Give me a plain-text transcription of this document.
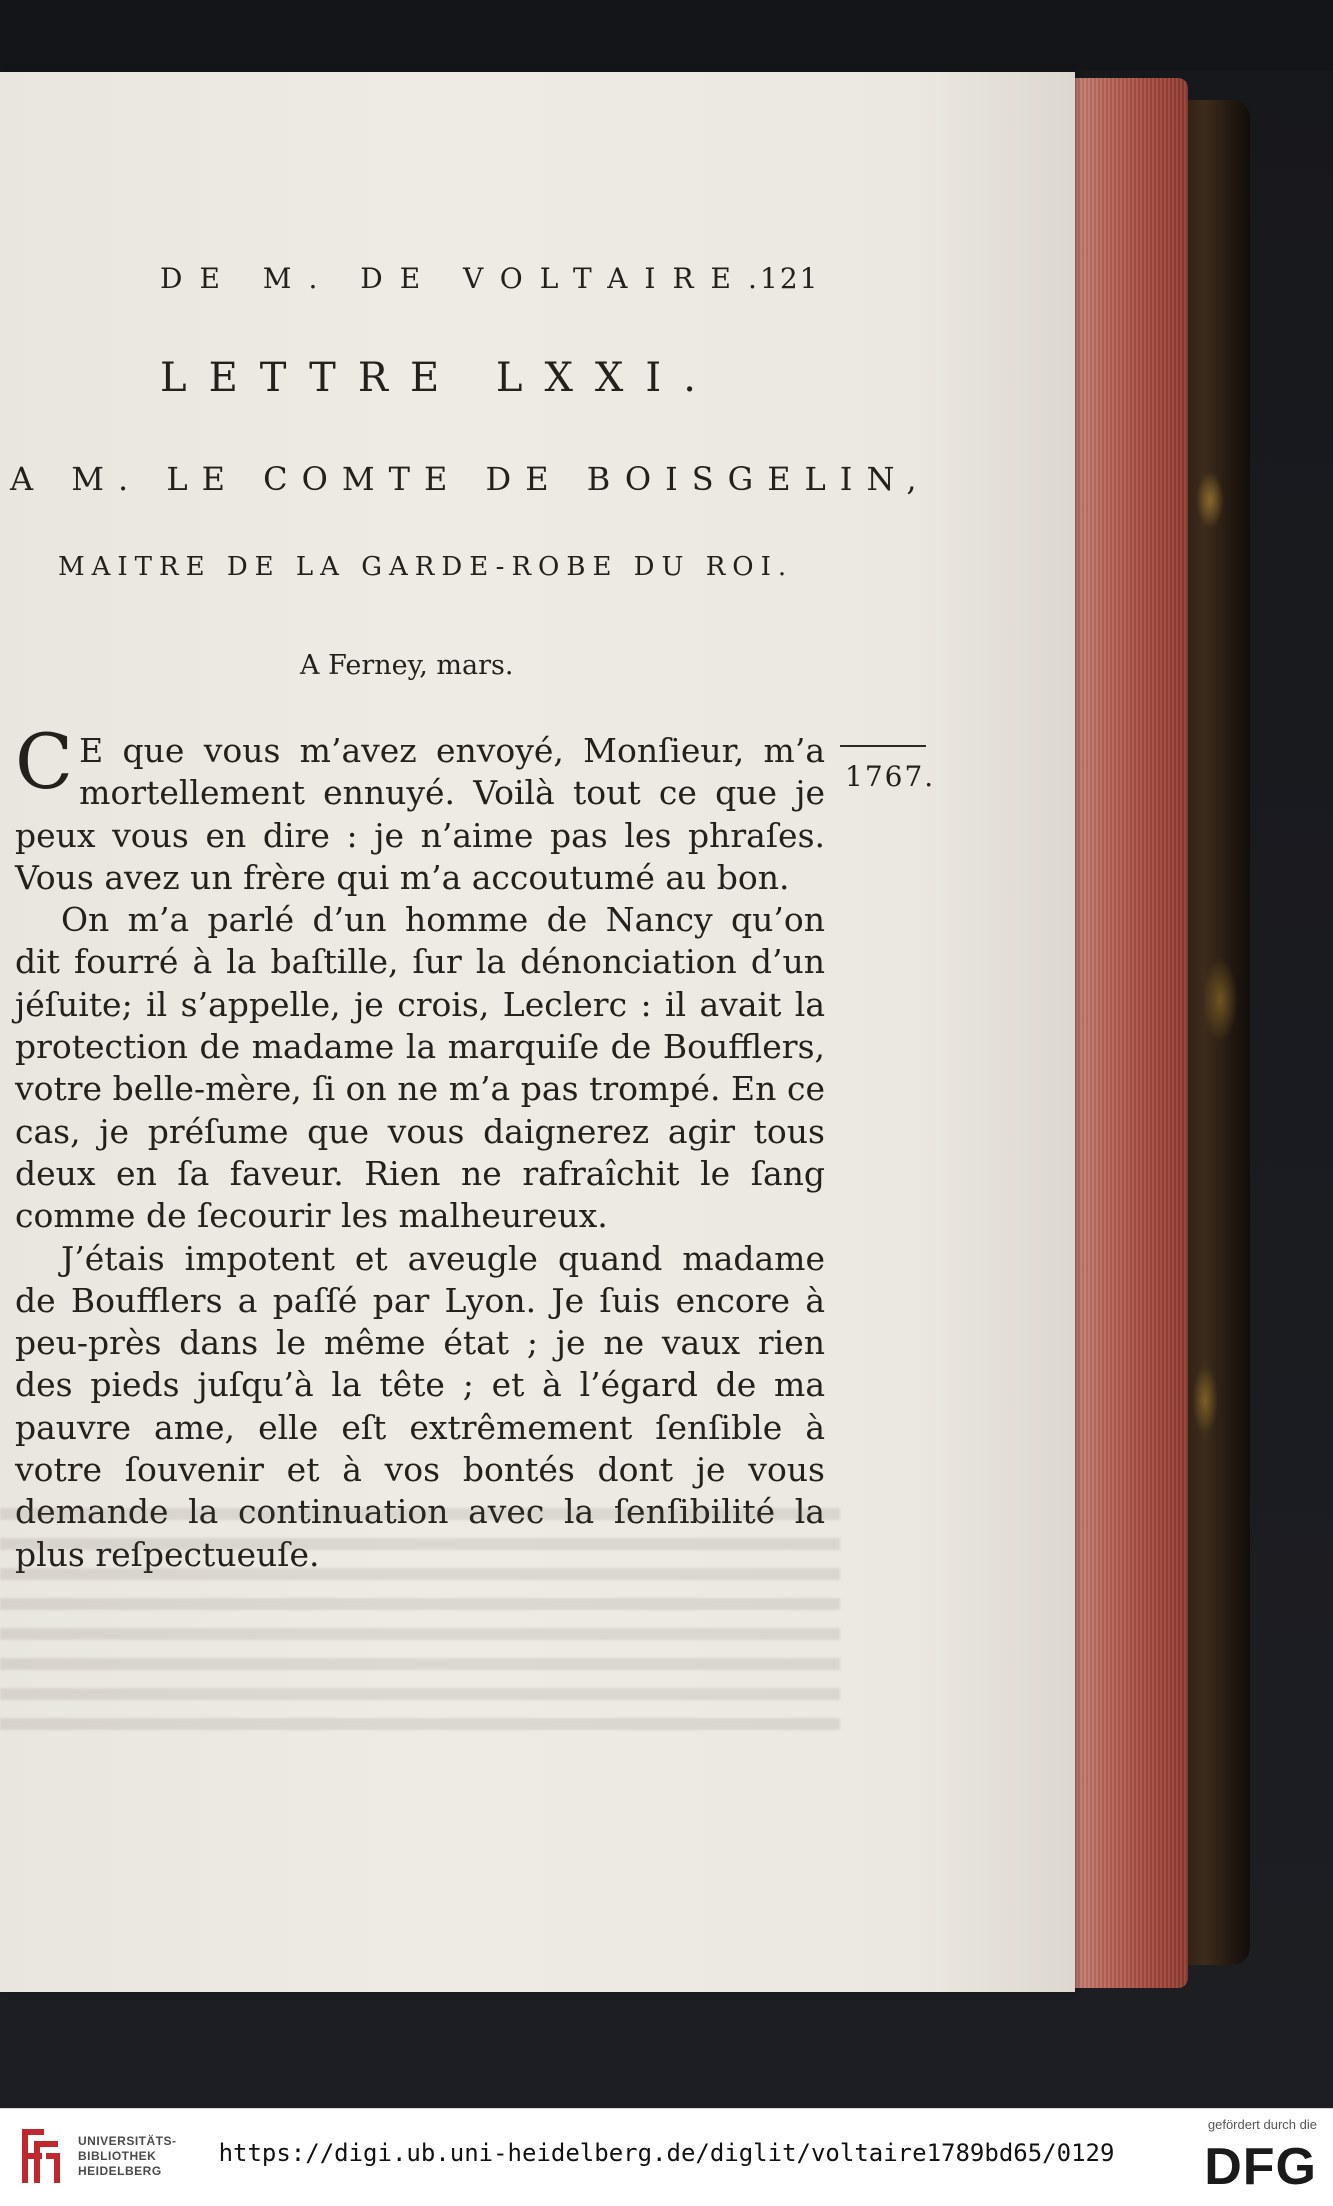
DE M. DE VOLTAIRE.
121
LETTRE LXXI.
A M. LE COMTE DE BOISGELIN,
MAITRE DE LA GARDE-ROBE DU ROI.
A Ferney, mars.
1767.

C E que vous m’avez envoyé, Monſieur, m’a mortellement ennuyé. Voilà tout ce que je peux vous en dire : je n’aime pas les phraſes. Vous avez un frère qui m’a accoutumé au bon.

On m’a parlé d’un homme de Nancy qu’on dit fourré à la baſtille, ſur la dénonciation d’un jéſuite; il s’appelle, je crois, Leclerc : il avait la protection de madame la marquiſe de Boufflers, votre belle-mère, ſi on ne m’a pas trompé. En ce cas, je préſume que vous daignerez agir tous deux en ſa faveur. Rien ne rafraîchit le ſang comme de ſecourir les malheureux.

J’étais impotent et aveugle quand madame de Boufflers a paſſé par Lyon. Je ſuis encore à peu-près dans le même état ; je ne vaux rien des pieds juſqu’à la tête ; et à l’égard de ma pauvre ame, elle eſt extrêmement ſenſible à votre ſouvenir et à vos bontés dont je vous demande la continuation avec la ſenſibilité la plus reſpectueuſe.

UNIVERSITÄTS-
BIBLIOTHEK
HEIDELBERG
https://digi.ub.uni-heidelberg.de/diglit/voltaire1789bd65/0129
gefördert durch die
DFG
